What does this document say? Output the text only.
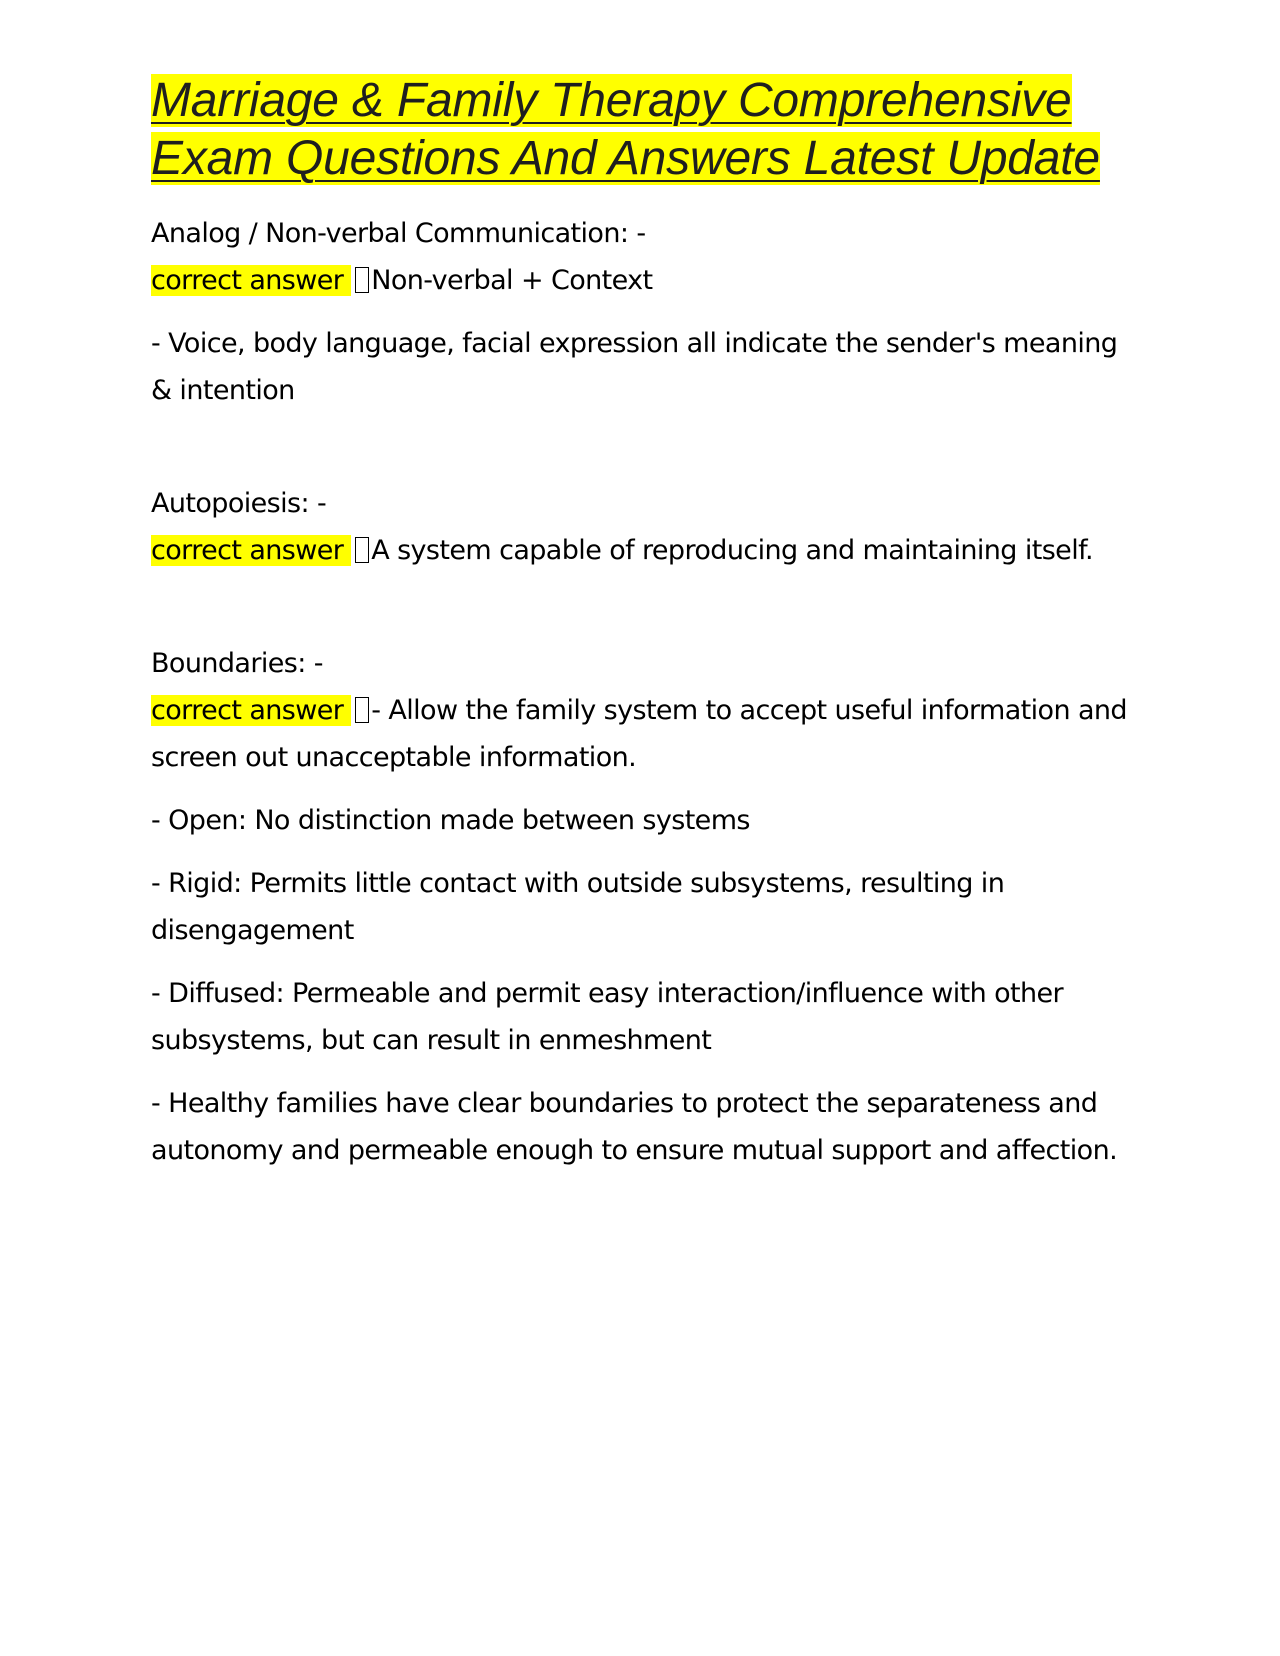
Marriage & Family Therapy Comprehensive Exam Questions And Answers Latest Update

Analog / Non-verbal Communication: -

correct answer Non-verbal + Context

- Voice, body language, facial expression all indicate the sender's meaning & intention

Autopoiesis: -

correct answer A system capable of reproducing and maintaining itself.

Boundaries: -

correct answer - Allow the family system to accept useful information and screen out unacceptable information.

- Open: No distinction made between systems

- Rigid: Permits little contact with outside subsystems, resulting in disengagement

- Diffused: Permeable and permit easy interaction/influence with other subsystems, but can result in enmeshment

- Healthy families have clear boundaries to protect the separateness and autonomy and permeable enough to ensure mutual support and affection.
